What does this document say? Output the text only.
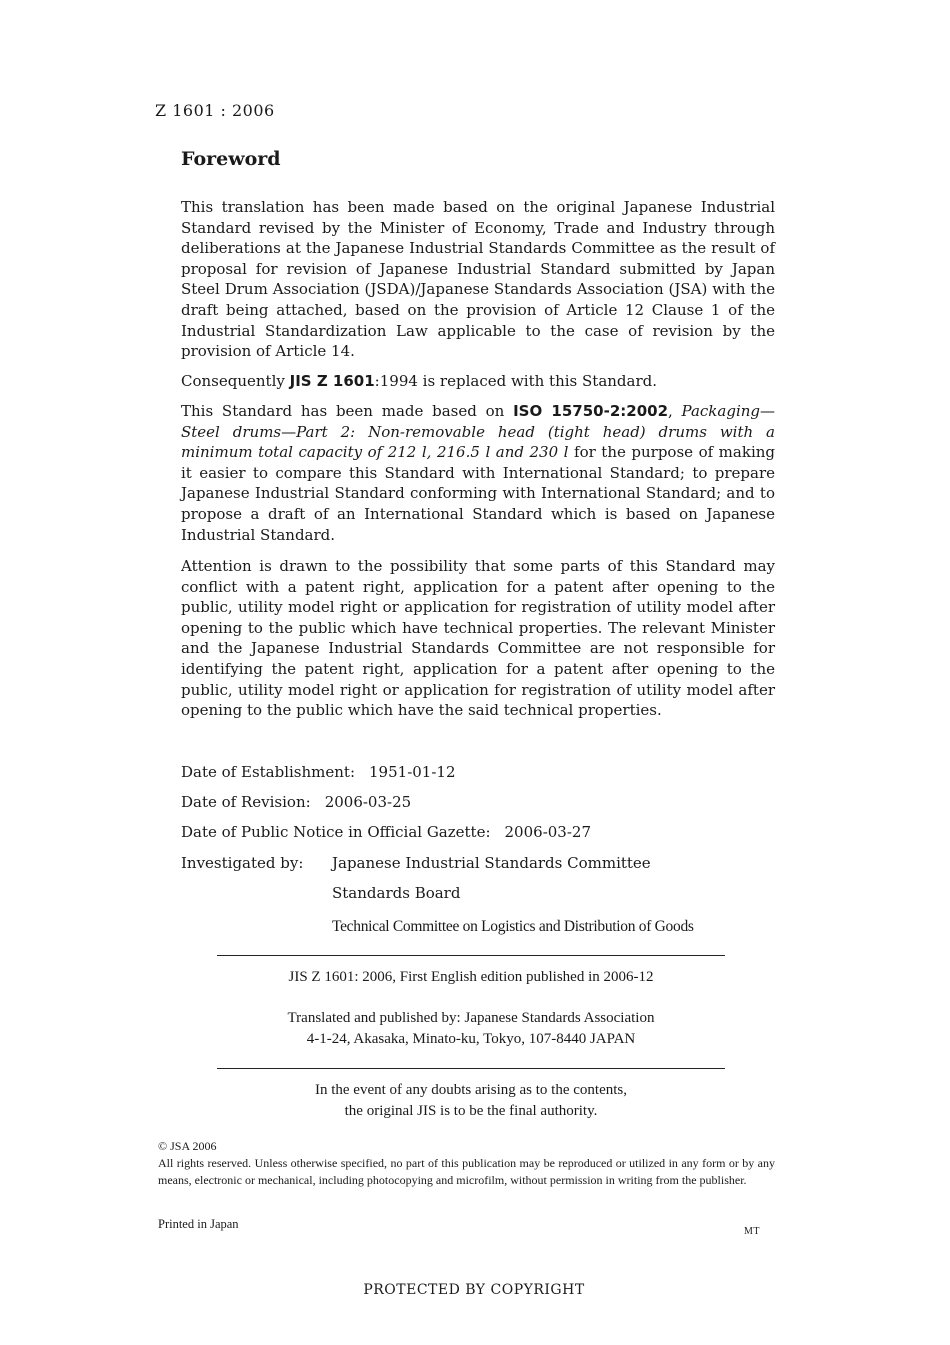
Z 1601 : 2006
Foreword
This translation has been made based on the original Japanese Industrial Standard revised by the Minister of Economy, Trade and Industry through deliberations at the Japanese Industrial Standards Committee as the result of proposal for revision of Japanese Industrial Standard submitted by Japan Steel Drum Association (JSDA)/Japanese Standards Association (JSA) with the draft being attached, based on the provision of Article 12 Clause 1 of the Industrial Standardization Law applicable to the case of revision by the provision of Article 14.
Consequently JIS Z 1601:1994 is replaced with this Standard.
This Standard has been made based on ISO 15750-2:2002, Packaging—Steel drums—Part 2: Non-removable head (tight head) drums with a minimum total capacity of 212 l, 216.5 l and 230 l for the purpose of making it easier to compare this Standard with International Standard; to prepare Japanese Industrial Standard conforming with International Standard; and to propose a draft of an International Standard which is based on Japanese Industrial Standard.
Attention is drawn to the possibility that some parts of this Standard may conflict with a patent right, application for a patent after opening to the public, utility model right or application for registration of utility model after opening to the public which have technical properties. The relevant Minister and the Japanese Industrial Standards Committee are not responsible for identifying the patent right, application for a patent after opening to the public, utility model right or application for registration of utility model after opening to the public which have the said technical properties.
Date of Establishment: 1951-01-12
Date of Revision: 2006-03-25
Date of Public Notice in Official Gazette: 2006-03-27
Investigated by: Japanese Industrial Standards Committee
Standards Board
Technical Committee on Logistics and Distribution of Goods
JIS Z 1601: 2006, First English edition published in 2006-12
Translated and published by: Japanese Standards Association
4-1-24, Akasaka, Minato-ku, Tokyo, 107-8440 JAPAN
In the event of any doubts arising as to the contents,
the original JIS is to be the final authority.
© JSA 2006
All rights reserved. Unless otherwise specified, no part of this publication may be reproduced or utilized in any form or by any means, electronic or mechanical, including photocopying and microfilm, without permission in writing from the publisher.
Printed in Japan
MT
PROTECTED BY COPYRIGHT
